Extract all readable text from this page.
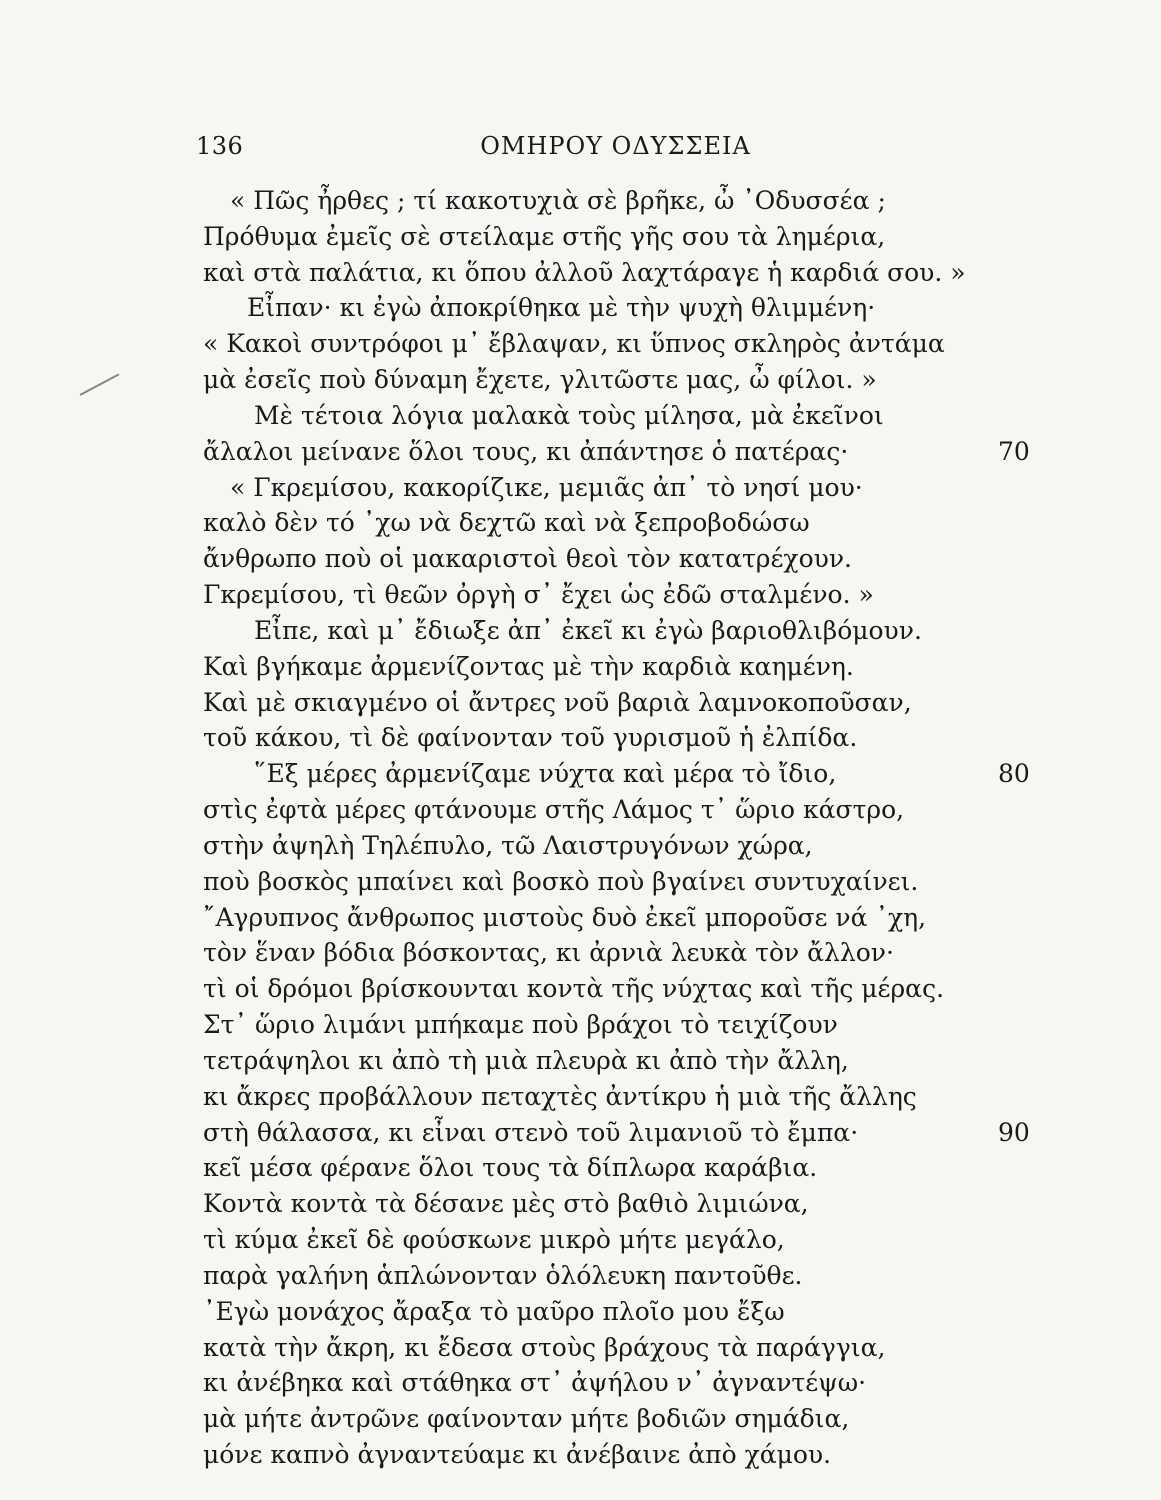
136	ΟΜΗΡΟΥ ΟΔΥΣΣΕΙΑ
« Πῶς ἦρθες ; τί κακοτυχιὰ σὲ βρῆκε, ὦ ᾿Οδυσσέα ;
Πρόθυμα ἐμεῖς σὲ στείλαμε στῆς γῆς σου τὰ λημέρια,
καὶ στὰ παλάτια, κι ὅπου ἀλλοῦ λαχτάραγε ἡ καρδιά σου. »
Εἶπαν· κι ἐγὼ ἀποκρίθηκα μὲ τὴν ψυχὴ θλιμμένη·
« Κακοὶ συντρόφοι μ᾿ ἔβλαψαν, κι ὕπνος σκληρὸς ἀντάμα
μὰ ἐσεῖς ποὺ δύναμη ἔχετε, γλιτῶστε μας, ὦ φίλοι. »
Μὲ τέτοια λόγια μαλακὰ τοὺς μίλησα, μὰ ἐκεῖνοι
ἄλαλοι μείνανε ὅλοι τους, κι ἀπάντησε ὁ πατέρας·
« Γκρεμίσου, κακορίζικε, μεμιᾶς ἀπ᾿ τὸ νησί μου·
καλὸ δὲν τό ᾿χω νὰ δεχτῶ καὶ νὰ ξεπροβοδώσω
ἄνθρωπο ποὺ οἱ μακαριστοὶ θεοὶ τὸν κατατρέχουν.
Γκρεμίσου, τὶ θεῶν ὀργὴ σ᾿ ἔχει ὡς ἐδῶ σταλμένο. »
Εἶπε, καὶ μ᾿ ἔδιωξε ἀπ᾿ ἐκεῖ κι ἐγὼ βαριοθλιβόμουν.
Καὶ βγήκαμε ἀρμενίζοντας μὲ τὴν καρδιὰ καημένη.
Καὶ μὲ σκιαγμένο οἱ ἄντρες νοῦ βαριὰ λαμνοκοποῦσαν,
τοῦ κάκου, τὶ δὲ φαίνονταν τοῦ γυρισμοῦ ἡ ἐλπίδα.
῞Εξ μέρες ἀρμενίζαμε νύχτα καὶ μέρα τὸ ἴδιο,
στὶς ἐφτὰ μέρες φτάνουμε στῆς Λάμος τ᾿ ὥριο κάστρο,
στὴν ἀψηλὴ Τηλέπυλο, τῶ Λαιστρυγόνων χώρα,
ποὺ βοσκὸς μπαίνει καὶ βοσκὸ ποὺ βγαίνει συντυχαίνει.
῎Αγρυπνος ἄνθρωπος μιστοὺς δυὸ ἐκεῖ μποροῦσε νά ᾿χη,
τὸν ἕναν βόδια βόσκοντας, κι ἀρνιὰ λευκὰ τὸν ἄλλον·
τὶ οἱ δρόμοι βρίσκουνται κοντὰ τῆς νύχτας καὶ τῆς μέρας.
Στ᾿ ὥριο λιμάνι μπήκαμε ποὺ βράχοι τὸ τειχίζουν
τετράψηλοι κι ἀπὸ τὴ μιὰ πλευρὰ κι ἀπὸ τὴν ἄλλη,
κι ἄκρες προβάλλουν πεταχτὲς ἀντίκρυ ἡ μιὰ τῆς ἄλλης
στὴ θάλασσα, κι εἶναι στενὸ τοῦ λιμανιοῦ τὸ ἔμπα·
κεῖ μέσα φέρανε ὅλοι τους τὰ δίπλωρα καράβια.
Κοντὰ κοντὰ τὰ δέσανε μὲς στὸ βαθιὸ λιμιώνα,
τὶ κύμα ἐκεῖ δὲ φούσκωνε μικρὸ μήτε μεγάλο,
παρὰ γαλήνη ἁπλώνονταν ὁλόλευκη παντοῦθε.
᾿Εγὼ μονάχος ἄραξα τὸ μαῦρο πλοῖο μου ἔξω
κατὰ τὴν ἄκρη, κι ἔδεσα στοὺς βράχους τὰ παράγγια,
κι ἀνέβηκα καὶ στάθηκα στ᾿ ἀψήλου ν᾿ ἀγναντέψω·
μὰ μήτε ἀντρῶνε φαίνονταν μήτε βοδιῶν σημάδια,
μόνε καπνὸ ἀγναντεύαμε κι ἀνέβαινε ἀπὸ χάμου.
70
80
90
